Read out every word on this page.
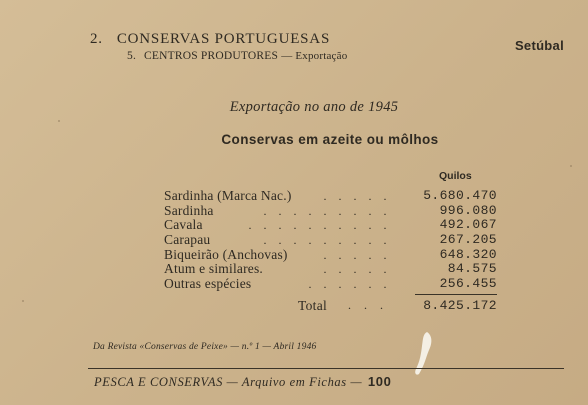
2. CONSERVAS PORTUGUESAS
5. CENTROS PRODUTORES — Exportação
Setúbal
Exportação no ano de 1945
Conservas em azeite ou môlhos
Quilos
Sardinha (Marca Nac.)	. . . . . 5.680.470
Sardinha	. . . . . . . . .	996.080
Cavala	. . . . . . . . . .	492.067
Carapau	. . . . . . . . .	267.205
Biqueirão (Anchovas)	. . . . .	648.320
Atum e similares.	. . . . .	84.575
Outras espécies	. . . . . .	256.455
Total . . .	8.425.172
Da Revista «Conservas de Peixe» — n.º 1 — Abril 1946
PESCA E CONSERVAS — Arquivo em Fichas — 100
